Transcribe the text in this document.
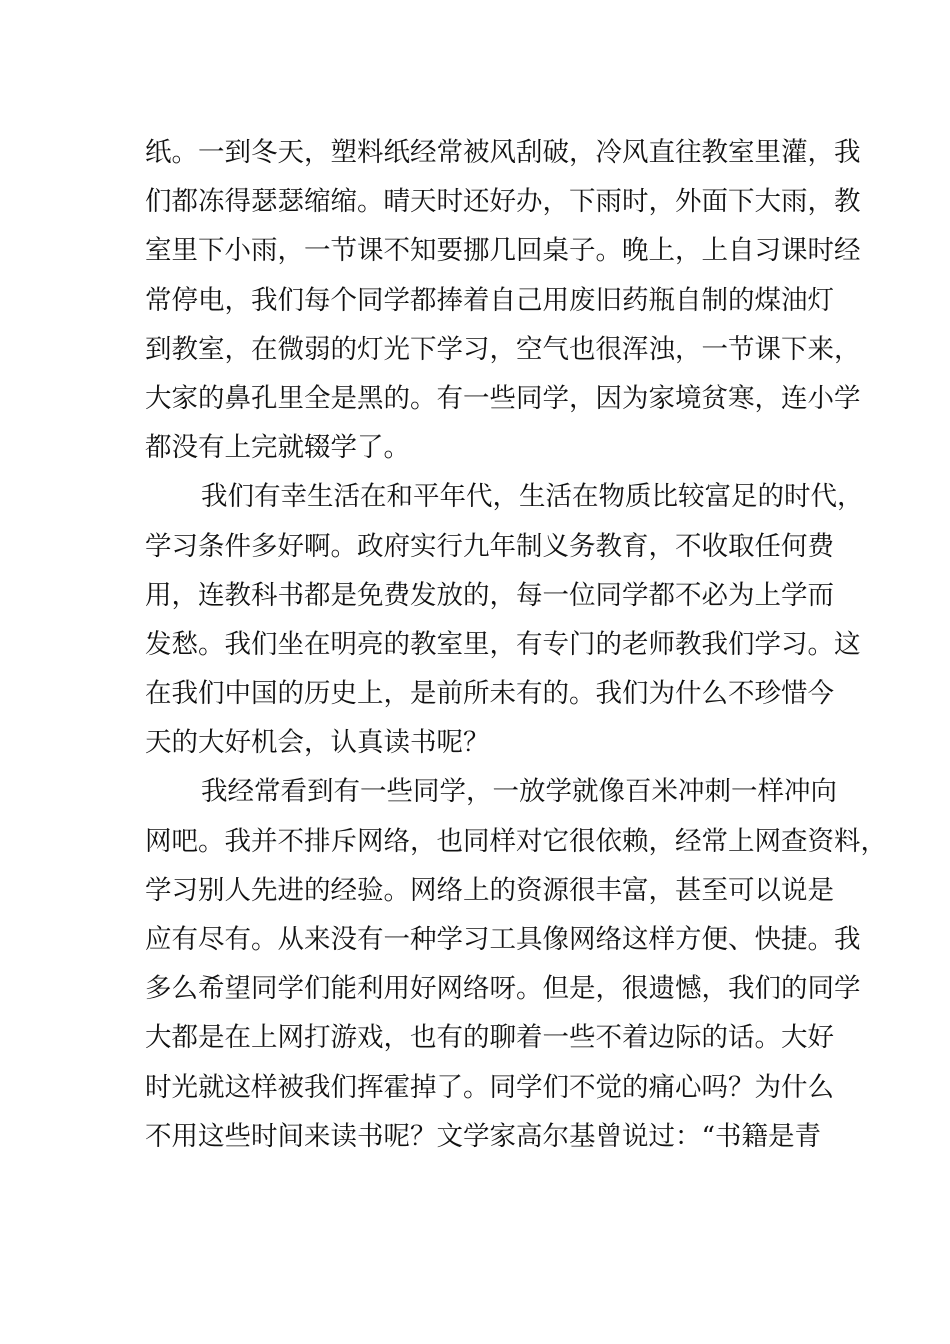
纸。一到冬天，塑料纸经常被风刮破，冷风直往教室里灌，我
们都冻得瑟瑟缩缩。晴天时还好办，下雨时，外面下大雨，教
室里下小雨，一节课不知要挪几回桌子。晚上，上自习课时经
常停电，我们每个同学都捧着自己用废旧药瓶自制的煤油灯
到教室，在微弱的灯光下学习，空气也很浑浊，一节课下来，
大家的鼻孔里全是黑的。有一些同学，因为家境贫寒，连小学
都没有上完就辍学了。
我们有幸生活在和平年代，生活在物质比较富足的时代，
学习条件多好啊。政府实行九年制义务教育，不收取任何费
用，连教科书都是免费发放的，每一位同学都不必为上学而
发愁。我们坐在明亮的教室里，有专门的老师教我们学习。这
在我们中国的历史上，是前所未有的。我们为什么不珍惜今
天的大好机会，认真读书呢？
我经常看到有一些同学，一放学就像百米冲刺一样冲向
网吧。我并不排斥网络，也同样对它很依赖，经常上网查资料，
学习别人先进的经验。网络上的资源很丰富，甚至可以说是
应有尽有。从来没有一种学习工具像网络这样方便、快捷。我
多么希望同学们能利用好网络呀。但是，很遗憾，我们的同学
大都是在上网打游戏，也有的聊着一些不着边际的话。大好
时光就这样被我们挥霍掉了。同学们不觉的痛心吗？为什么
不用这些时间来读书呢？文学家高尔基曾说过：“书籍是青
